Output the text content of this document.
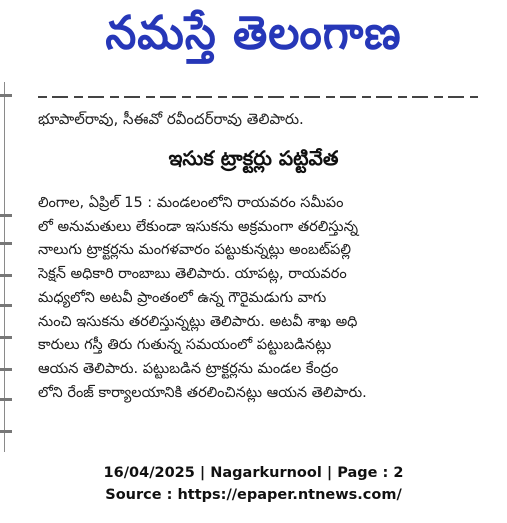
నమస్తే తెలంగాణ
భూపాల్‌రావు, సీఈవో రవీందర్‌రావు తెలిపారు.
ఇసుక ట్రాక్టర్లు పట్టివేత
లింగాల, ఏప్రిల్ 15 : మండలంలోని రాయవరం సమీపం
లో అనుమతులు లేకుండా ఇసుకను అక్రమంగా తరలిస్తున్న
నాలుగు ట్రాక్టర్లను మంగళవారం పట్టుకున్నట్లు అంబట్‌పల్లి
సెక్షన్ అధికారి రాంబాబు తెలిపారు. యాపట్ల, రాయవరం
మధ్యలోని అటవీ ప్రాంతంలో ఉన్న గౌరైమడుగు వాగు
నుంచి ఇసుకను తరలిస్తున్నట్లు తెలిపారు. అటవీ శాఖ అధి
కారులు గస్తీ తిరు గుతున్న సమయంలో పట్టుబడినట్లు
ఆయన తెలిపారు. పట్టుబడిన ట్రాక్టర్లను మండల కేంద్రం
లోని రేంజ్ కార్యాలయానికి తరలించినట్లు ఆయన తెలిపారు.
16/04/2025 | Nagarkurnool | Page : 2
Source : https://epaper.ntnews.com/
